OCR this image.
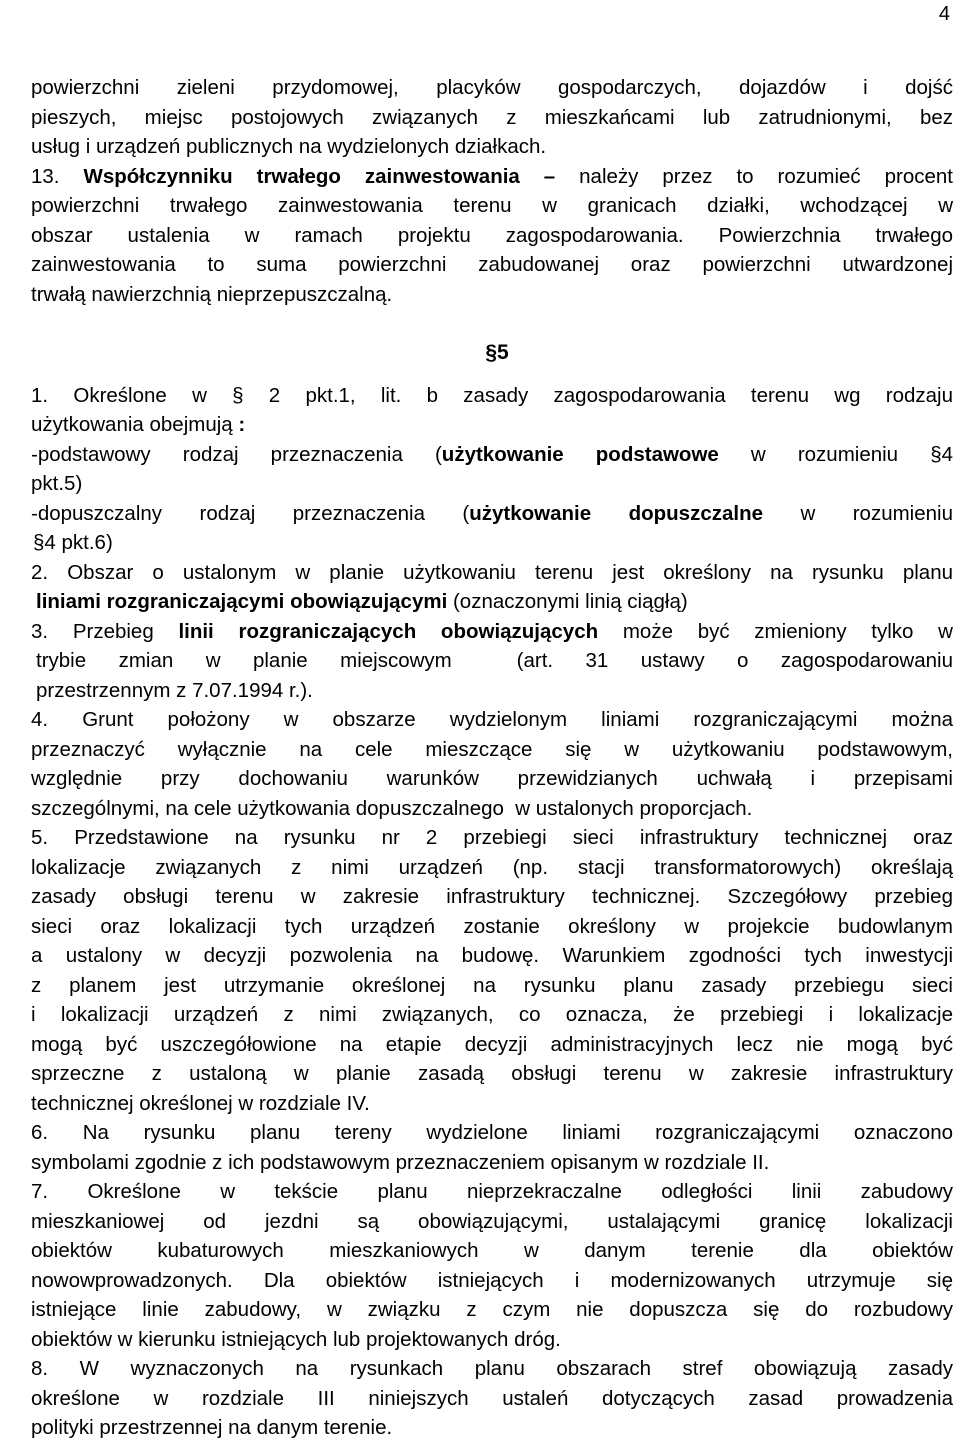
4
powierzchni zieleni przydomowej, placyków gospodarczych, dojazdów i dojść
pieszych, miejsc postojowych związanych z mieszkańcami lub zatrudnionymi, bez
usług i urządzeń publicznych na wydzielonych działkach.
13. Współczynniku trwałego zainwestowania – należy przez to rozumieć procent
powierzchni trwałego zainwestowania terenu w granicach działki, wchodzącej w
obszar ustalenia w ramach projektu zagospodarowania. Powierzchnia trwałego
zainwestowania to suma powierzchni zabudowanej oraz powierzchni utwardzonej
trwałą nawierzchnią nieprzepuszczalną.
§5
1. Określone w § 2 pkt.1, lit. b zasady zagospodarowania terenu wg rodzaju
użytkowania obejmują :
-podstawowy rodzaj przeznaczenia (użytkowanie podstawowe w rozumieniu §4
pkt.5)
-dopuszczalny rodzaj przeznaczenia (użytkowanie dopuszczalne w rozumieniu
§4 pkt.6)
2. Obszar o ustalonym w planie użytkowaniu terenu jest określony na rysunku planu
liniami rozgraniczającymi obowiązującymi (oznaczonymi linią ciągłą)
3. Przebieg linii rozgraniczających obowiązujących może być zmieniony tylko w
trybie zmian w planie miejscowym  (art. 31 ustawy o zagospodarowaniu
przestrzennym z 7.07.1994 r.).
4. Grunt położony w obszarze wydzielonym liniami rozgraniczającymi można
przeznaczyć wyłącznie na cele mieszczące się w użytkowaniu podstawowym,
względnie przy dochowaniu warunków przewidzianych uchwałą i przepisami
szczególnymi, na cele użytkowania dopuszczalnego  w ustalonych proporcjach.
5. Przedstawione na rysunku nr 2 przebiegi sieci infrastruktury technicznej oraz
lokalizacje związanych z nimi urządzeń (np. stacji transformatorowych) określają
zasady obsługi terenu w zakresie infrastruktury technicznej. Szczegółowy przebieg
sieci oraz lokalizacji tych urządzeń zostanie określony w projekcie budowlanym
a ustalony w decyzji pozwolenia na budowę. Warunkiem zgodności tych inwestycji
z planem jest utrzymanie określonej na rysunku planu zasady przebiegu sieci
i lokalizacji urządzeń z nimi związanych, co oznacza, że przebiegi i lokalizacje
mogą być uszczegółowione na etapie decyzji administracyjnych lecz nie mogą być
sprzeczne z ustaloną w planie zasadą obsługi terenu w zakresie infrastruktury
technicznej określonej w rozdziale IV.
6. Na rysunku planu tereny wydzielone liniami rozgraniczającymi oznaczono
symbolami zgodnie z ich podstawowym przeznaczeniem opisanym w rozdziale II.
7. Określone w tekście planu nieprzekraczalne odległości linii zabudowy
mieszkaniowej od jezdni są obowiązującymi, ustalającymi granicę lokalizacji
obiektów kubaturowych mieszkaniowych w danym terenie dla obiektów
nowowprowadzonych. Dla obiektów istniejących i modernizowanych utrzymuje się
istniejące linie zabudowy, w związku z czym nie dopuszcza się do rozbudowy
obiektów w kierunku istniejących lub projektowanych dróg.
8. W wyznaczonych na rysunkach planu obszarach stref obowiązują zasady
określone w rozdziale III niniejszych ustaleń dotyczących zasad prowadzenia
polityki przestrzennej na danym terenie.
